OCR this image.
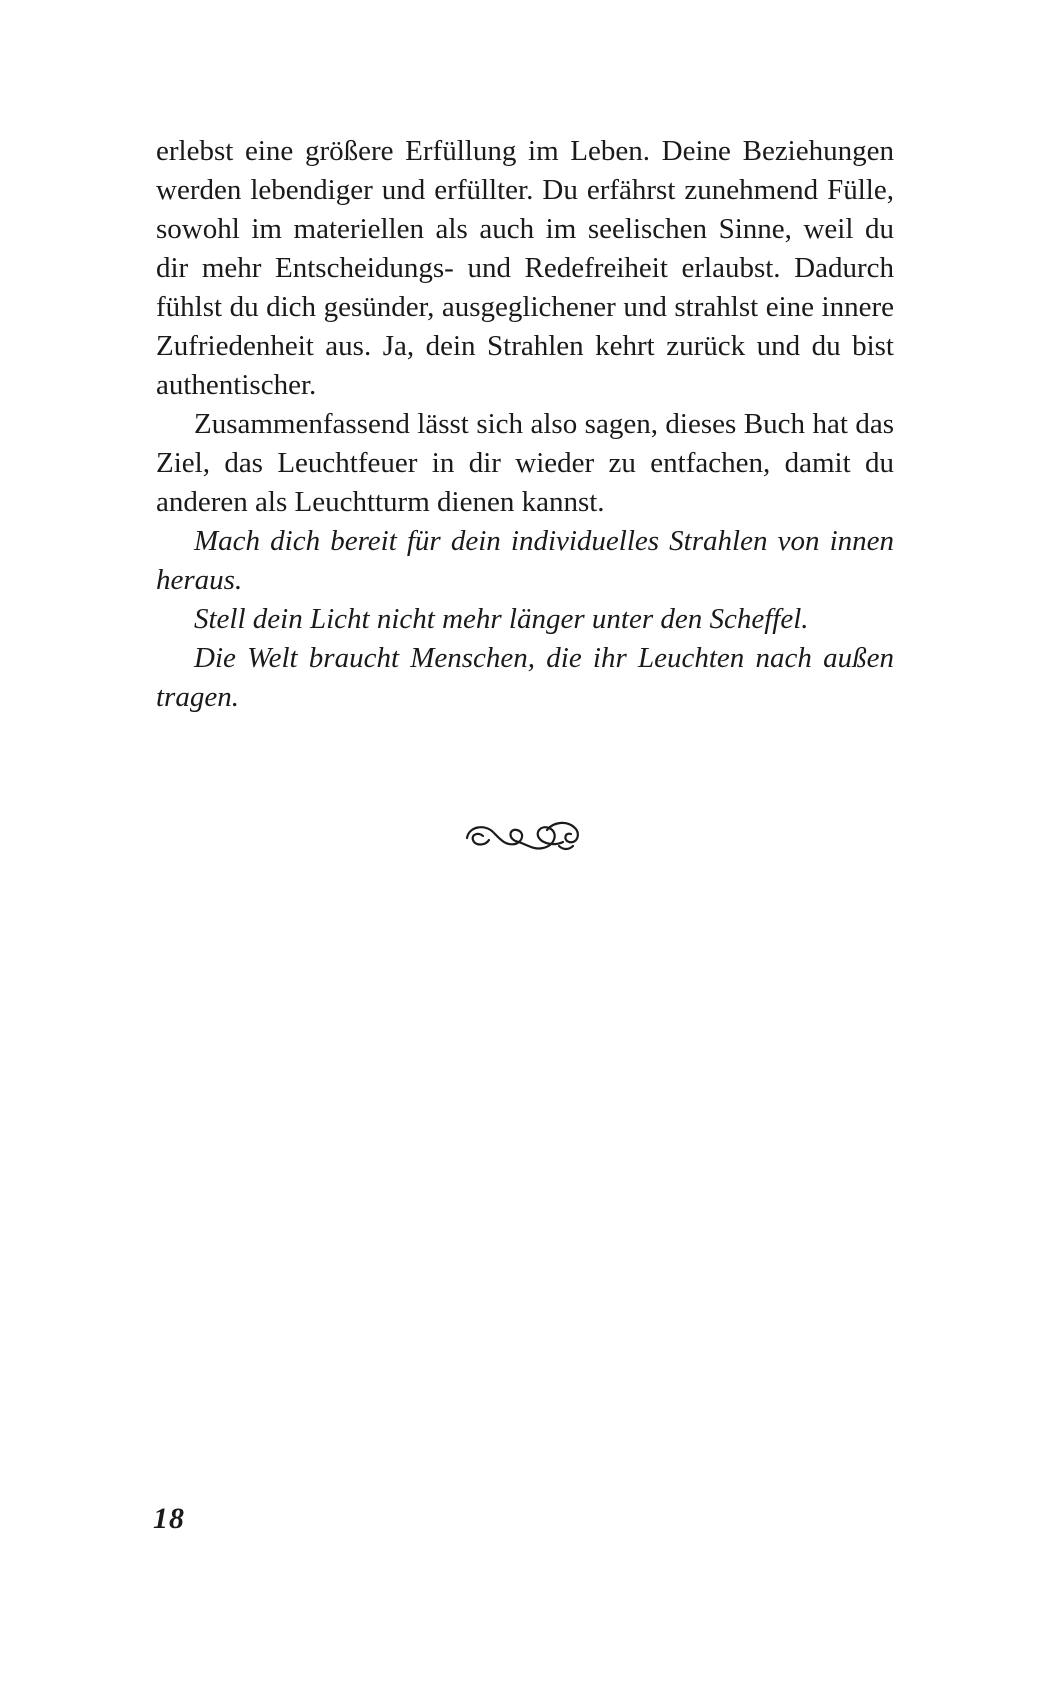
erlebst eine größere Erfüllung im Leben. Deine Beziehungen werden lebendiger und erfüllter. Du erfährst zunehmend Fülle, sowohl im materiellen als auch im seelischen Sinne, weil du dir mehr Entscheidungs- und Redefreiheit erlaubst. Dadurch fühlst du dich gesünder, ausgeglichener und strahlst eine innere Zufriedenheit aus. Ja, dein Strahlen kehrt zurück und du bist authentischer.

Zusammenfassend lässt sich also sagen, dieses Buch hat das Ziel, das Leuchtfeuer in dir wieder zu entfachen, damit du anderen als Leuchtturm dienen kannst.

Mach dich bereit für dein individuelles Strahlen von innen heraus.

Stell dein Licht nicht mehr länger unter den Scheffel.

Die Welt braucht Menschen, die ihr Leuchten nach außen tragen.

18
